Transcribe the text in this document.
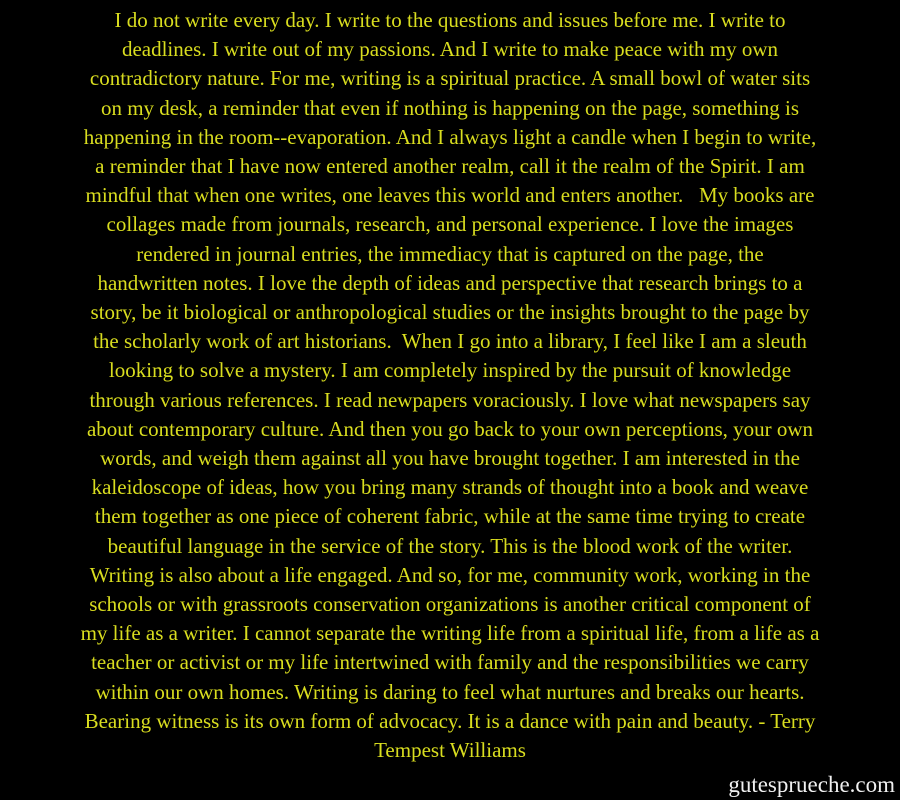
I do not write every day. I write to the questions and issues before me. I write to
deadlines. I write out of my passions. And I write to make peace with my own
contradictory nature. For me, writing is a spiritual practice. A small bowl of water sits
on my desk, a reminder that even if nothing is happening on the page, something is
happening in the room--evaporation. And I always light a candle when I begin to write,
a reminder that I have now entered another realm, call it the realm of the Spirit. I am
mindful that when one writes, one leaves this world and enters another.   My books are
collages made from journals, research, and personal experience. I love the images
rendered in journal entries, the immediacy that is captured on the page, the
handwritten notes. I love the depth of ideas and perspective that research brings to a
story, be it biological or anthropological studies or the insights brought to the page by
the scholarly work of art historians.  When I go into a library, I feel like I am a sleuth
looking to solve a mystery. I am completely inspired by the pursuit of knowledge
through various references. I read newpapers voraciously. I love what newspapers say
about contemporary culture. And then you go back to your own perceptions, your own
words, and weigh them against all you have brought together. I am interested in the
kaleidoscope of ideas, how you bring many strands of thought into a book and weave
them together as one piece of coherent fabric, while at the same time trying to create
beautiful language in the service of the story. This is the blood work of the writer.
Writing is also about a life engaged. And so, for me, community work, working in the
schools or with grassroots conservation organizations is another critical component of
my life as a writer. I cannot separate the writing life from a spiritual life, from a life as a
teacher or activist or my life intertwined with family and the responsibilities we carry
within our own homes. Writing is daring to feel what nurtures and breaks our hearts.
Bearing witness is its own form of advocacy. It is a dance with pain and beauty. - Terry
Tempest Williams
gutesprueche.com
